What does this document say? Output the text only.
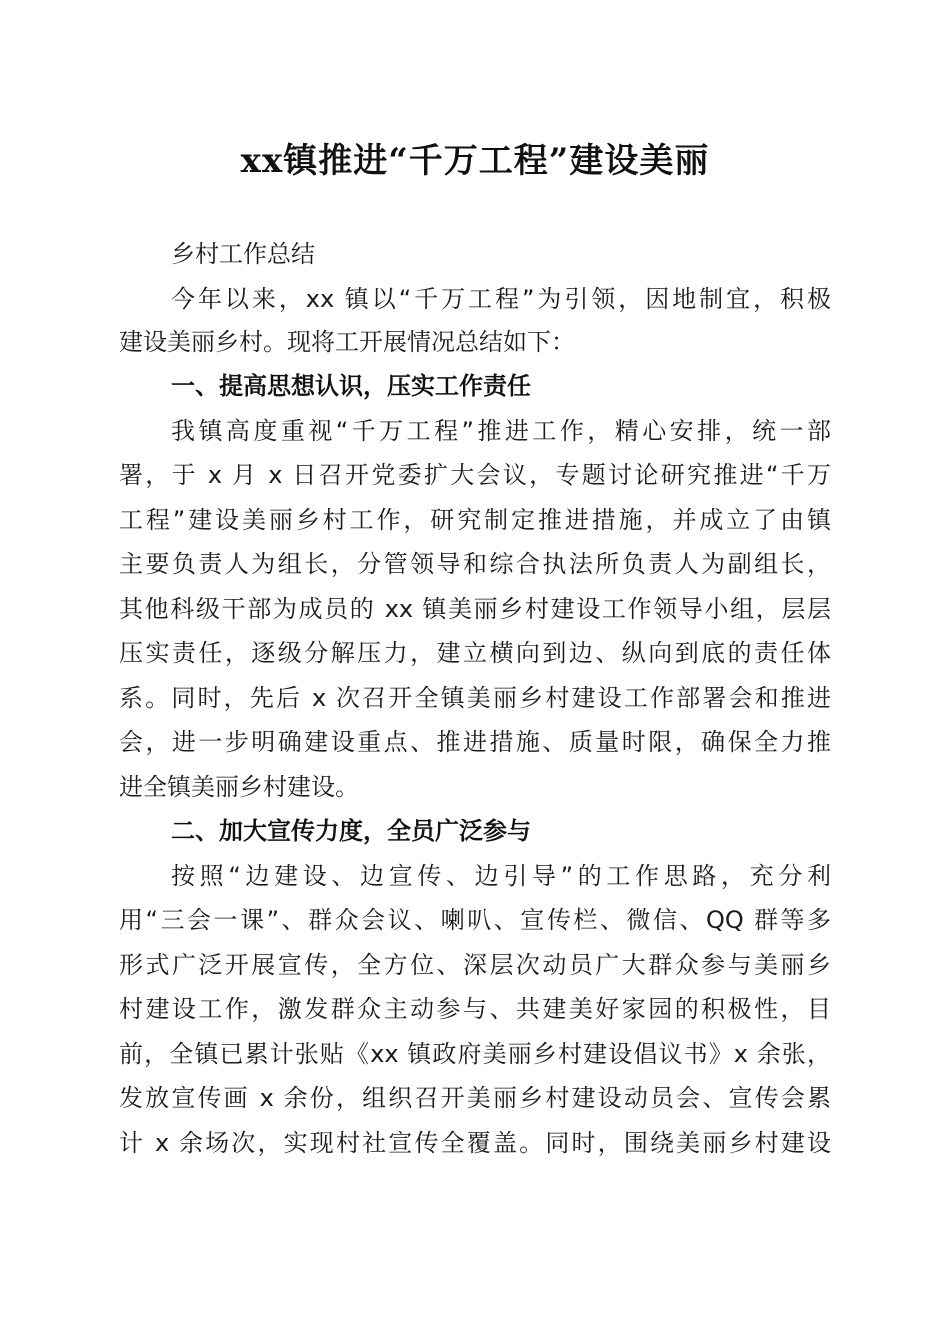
xx镇推进“千万工程”建设美丽

乡村工作总结

今年以来，xx 镇以“千万工程”为引领，因地制宜，积极

建设美丽乡村。现将工开展情况总结如下：

一、提高思想认识，压实工作责任

我镇高度重视“千万工程”推进工作，精心安排，统一部

署，于 x 月 x 日召开党委扩大会议，专题讨论研究推进“千万

工程”建设美丽乡村工作，研究制定推进措施，并成立了由镇

主要负责人为组长，分管领导和综合执法所负责人为副组长，

其他科级干部为成员的 xx 镇美丽乡村建设工作领导小组，层层

压实责任，逐级分解压力，建立横向到边、纵向到底的责任体

系。同时，先后 x 次召开全镇美丽乡村建设工作部署会和推进

会，进一步明确建设重点、推进措施、质量时限，确保全力推

进全镇美丽乡村建设。

二、加大宣传力度，全员广泛参与

按照“边建设、边宣传、边引导”的工作思路，充分利

用“三会一课”、群众会议、喇叭、宣传栏、微信、QQ 群等多

形式广泛开展宣传，全方位、深层次动员广大群众参与美丽乡

村建设工作，激发群众主动参与、共建美好家园的积极性，目

前，全镇已累计张贴《xx 镇政府美丽乡村建设倡议书》x 余张，

发放宣传画 x 余份，组织召开美丽乡村建设动员会、宣传会累

计 x 余场次，实现村社宣传全覆盖。同时，围绕美丽乡村建设
